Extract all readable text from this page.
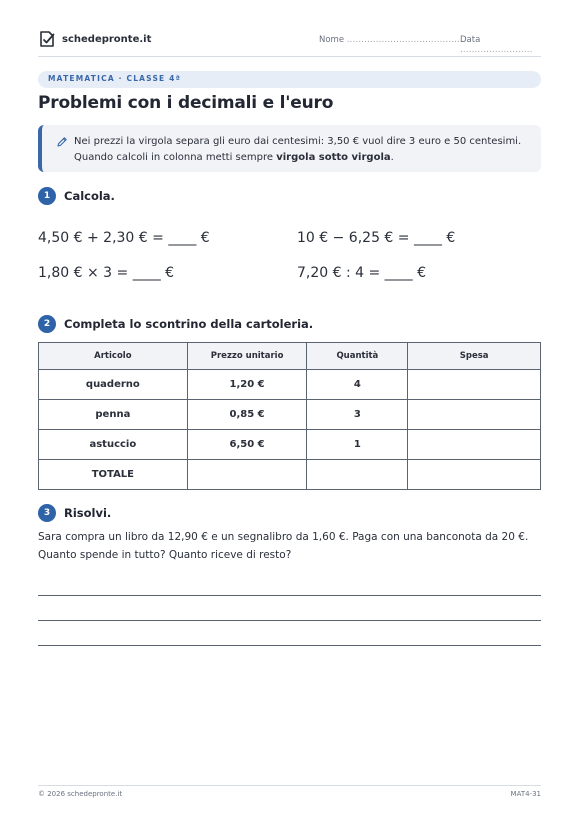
schedepronte.it	Nome ........................................
Data .........................
MATEMATICA · CLASSE 4ª
Problemi con i decimali e l'euro
Nei prezzi la virgola separa gli euro dai centesimi: 3,50 € vuol dire 3 euro e 50 centesimi. Quando calcoli in colonna metti sempre virgola sotto virgola.
1	Calcola.
4,50 € + 2,30 € = ____ €	10 € − 6,25 € = ____ €
1,80 € × 3 = ____ €	7,20 € : 4 = ____ €
2	Completa lo scontrino della cartoleria.
Articolo	Prezzo unitario	Quantità	Spesa
quaderno	1,20 €	4	
penna	0,85 €	3	
astuccio	6,50 €	1	
TOTALE			
3	Risolvi.
Sara compra un libro da 12,90 € e un segnalibro da 1,60 €. Paga con una banconota da 20 €. Quanto spende in tutto? Quanto riceve di resto?
© 2026 schedepronte.it	MAT4-31
